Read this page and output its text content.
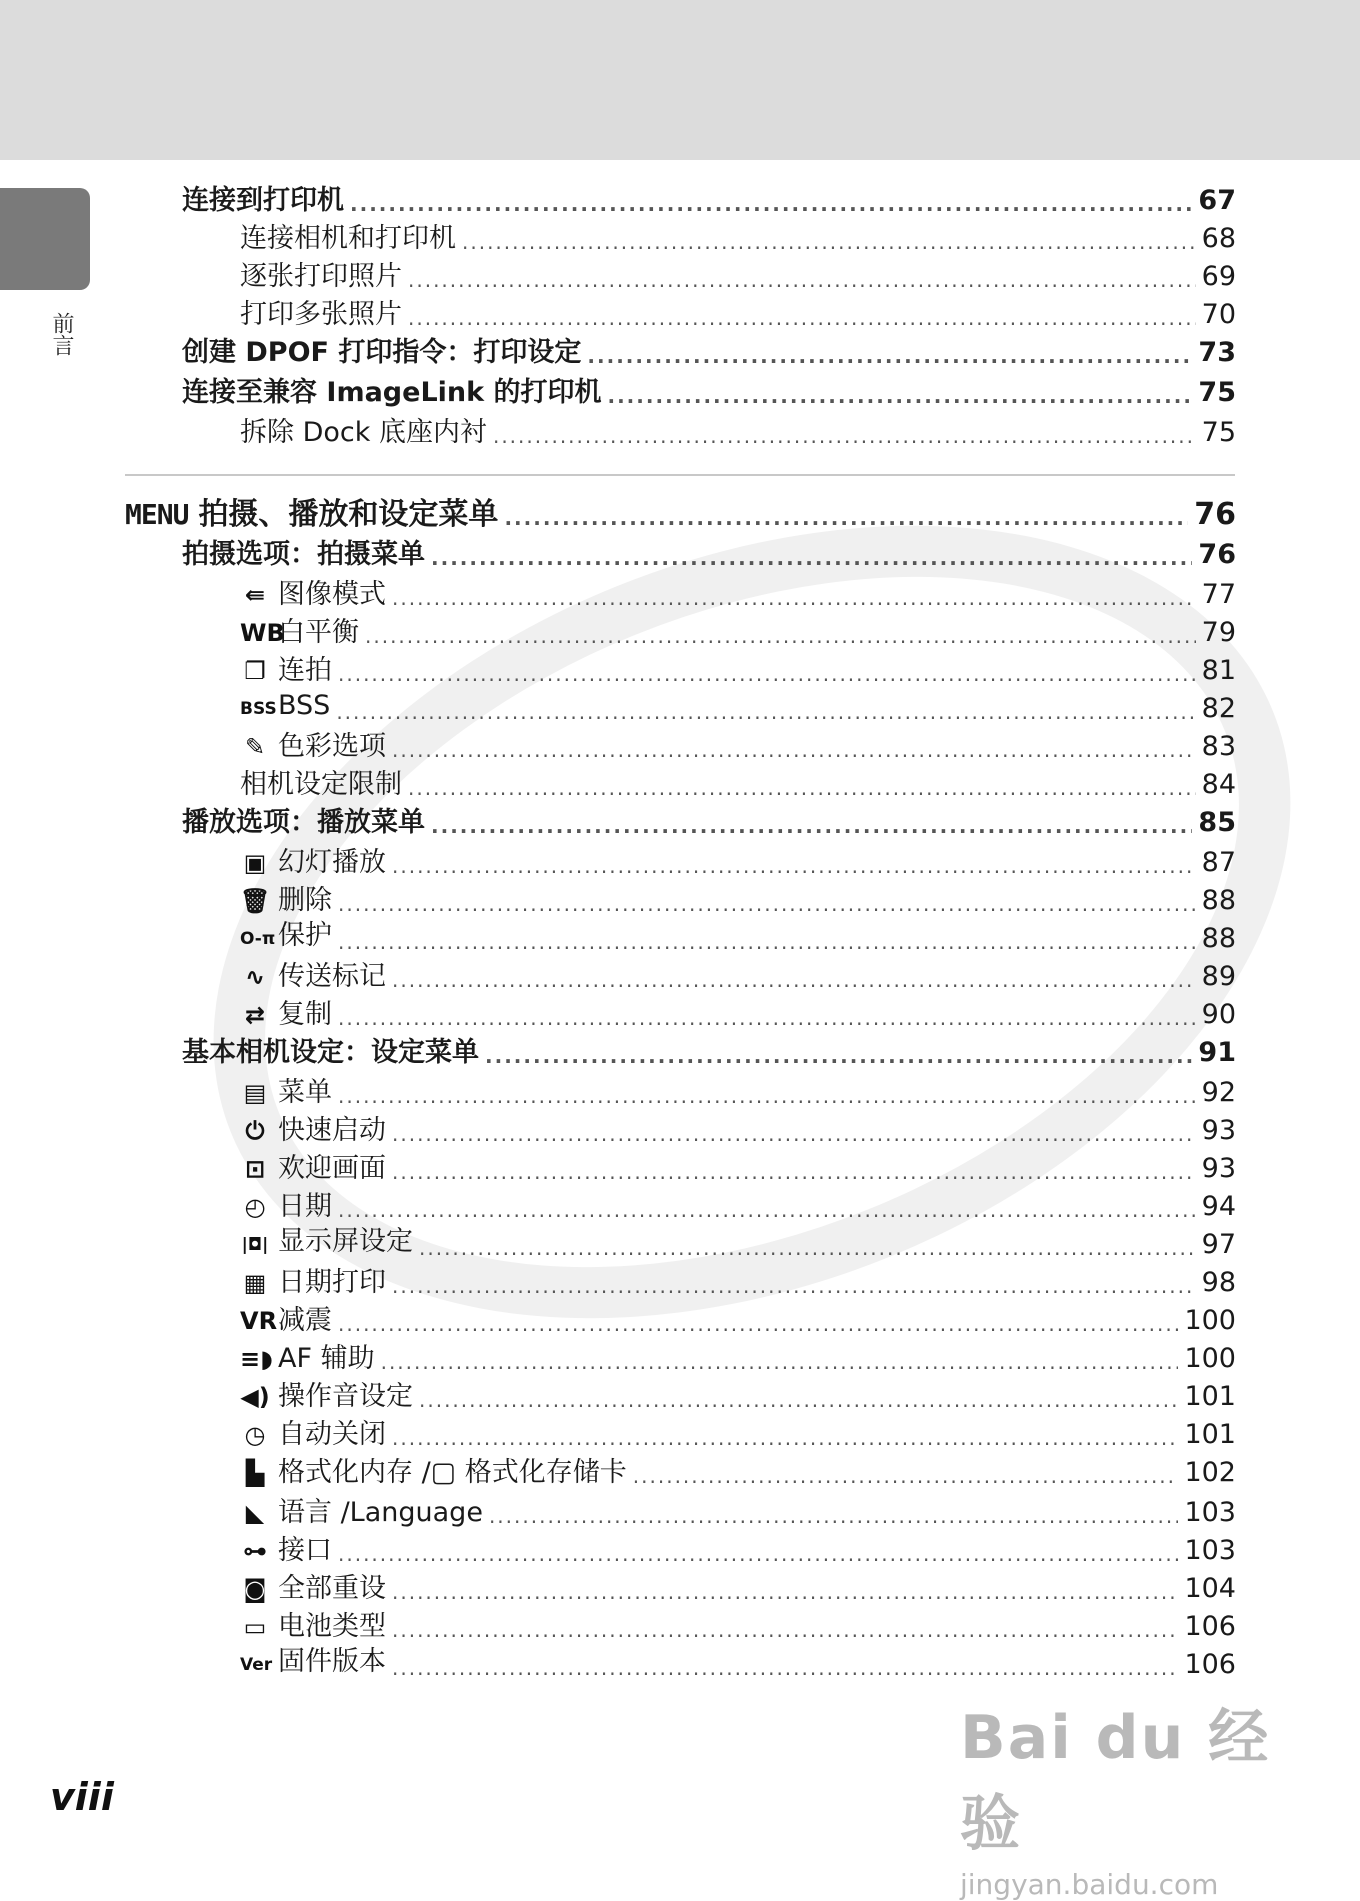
前言
连接到打印机 .....	67
连接相机和打印机 .....	68
逐张打印照片 .....	69
打印多张照片 .....	70
创建 DPOF 打印指令：打印设定 .....	73
连接至兼容 ImageLink 的打印机 .....	75
拆除 Dock 底座内衬 .....	75
MENU 拍摄、播放和设定菜单 .....	76
拍摄选项：拍摄菜单 .....	76
⇚ 图像模式 .....	77
WB白平衡 .....	79
❐ 连拍 .....	81
BSSBSS .....	82
✎ 色彩选项 .....	83
相机设定限制 .....	84
播放选项：播放菜单 .....	85
▣ 幻灯播放 .....	87
🗑 删除 .....	88
O-π 保护 .....	88
∿ 传送标记 .....	89
⇄ 复制 .....	90
基本相机设定：设定菜单 .....	91
▤ 菜单 .....	92
⏻ 快速启动 .....	93
⊡ 欢迎画面 .....	93
◴ 日期 .....	94
|◘| 显示屏设定 .....	97
▦ 日期打印 .....	98
VR减震 .....	100
≡◗ AF 辅助 .....	100
◀) 操作音设定 .....	101
◷ 自动关闭 .....	101
▙ 格式化内存 /▢ 格式化存储卡 .....	102
◣ 语言 /Language .....	103
⊶ 接口 .....	103
◙ 全部重设 .....	104
▭ 电池类型 .....	106
Ver 固件版本 .....	106
viii
Bai du 经验
jingyan.baidu.com
